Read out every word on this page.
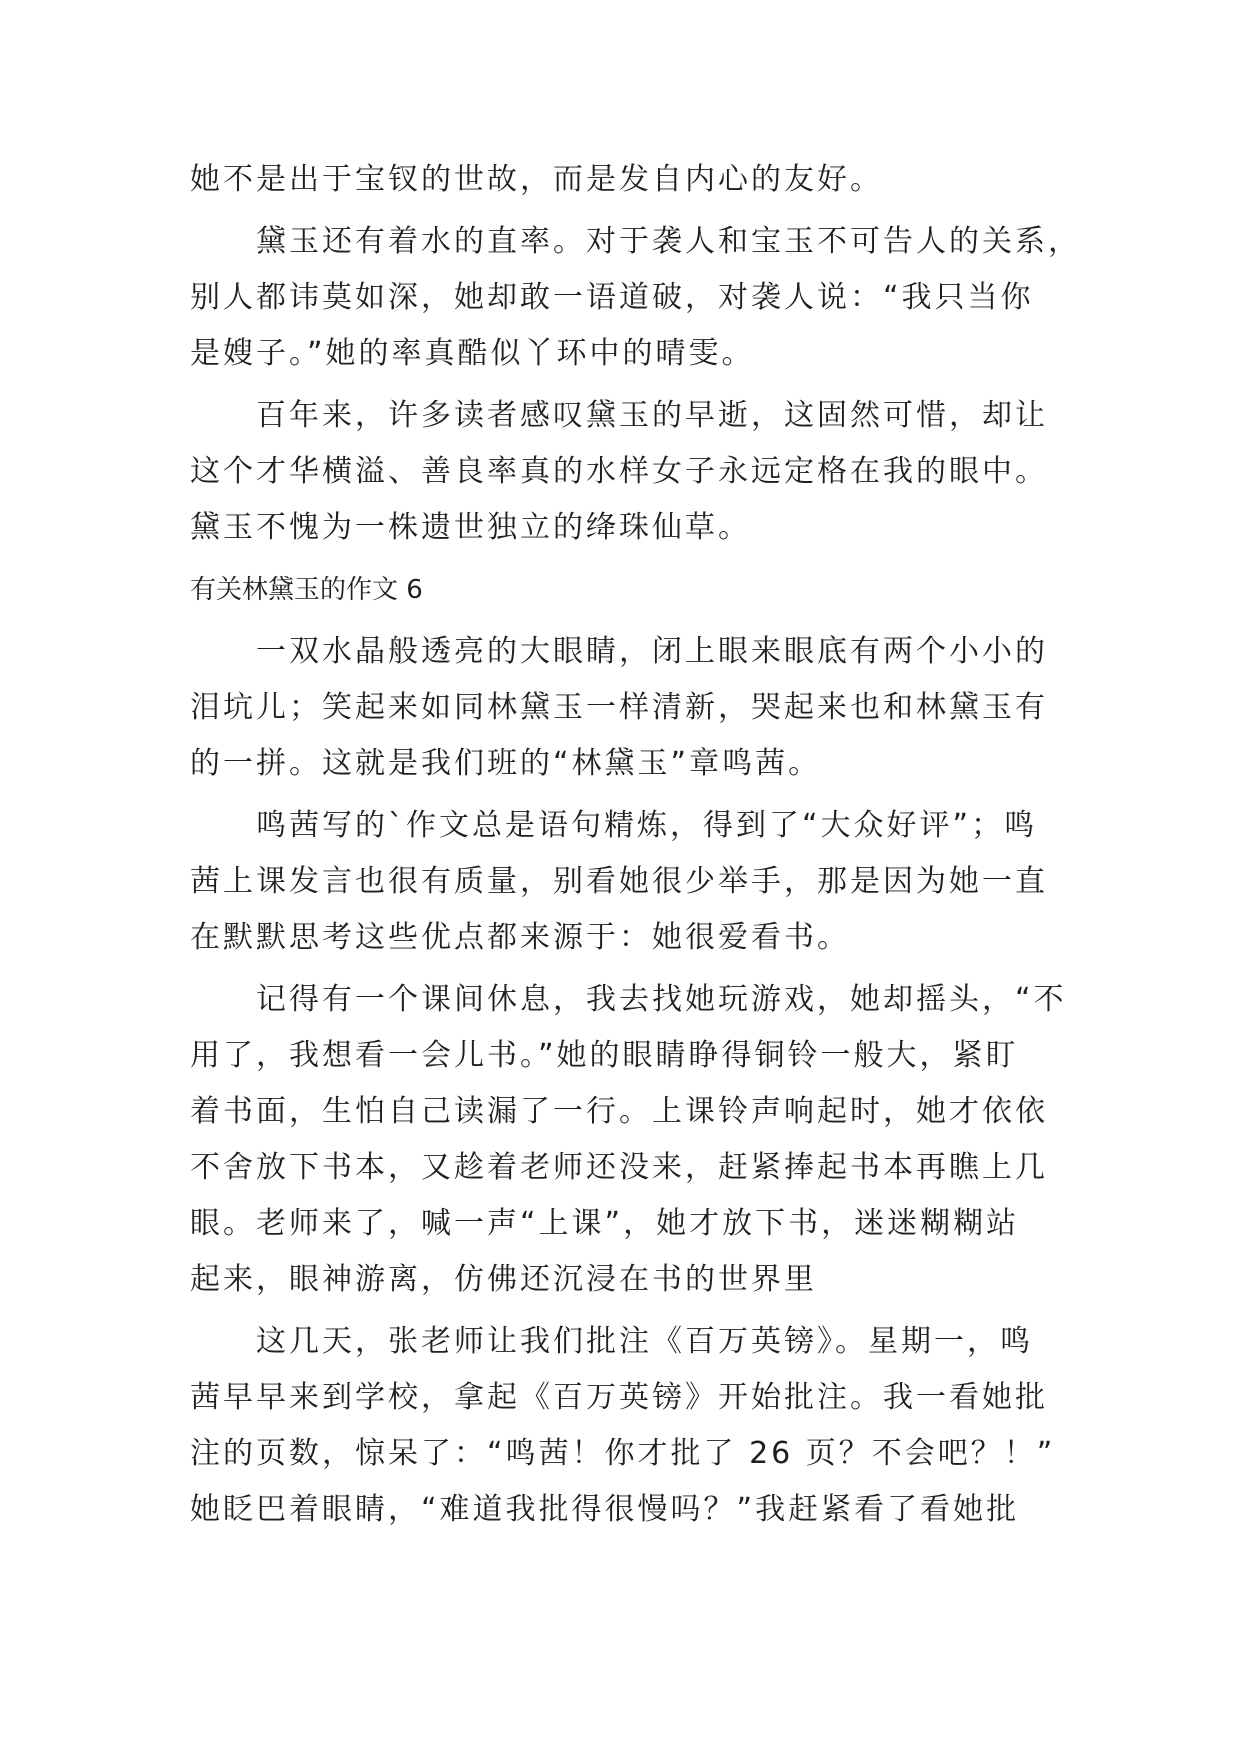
她不是出于宝钗的世故，而是发自内心的友好。
黛玉还有着水的直率。对于袭人和宝玉不可告人的关系，
别人都讳莫如深，她却敢一语道破，对袭人说：“我只当你
是嫂子。”她的率真酷似丫环中的晴雯。
百年来，许多读者感叹黛玉的早逝，这固然可惜，却让
这个才华横溢、善良率真的水样女子永远定格在我的眼中。
黛玉不愧为一株遗世独立的绛珠仙草。
有关林黛玉的作文 6
一双水晶般透亮的大眼睛，闭上眼来眼底有两个小小的
泪坑儿；笑起来如同林黛玉一样清新，哭起来也和林黛玉有
的一拼。这就是我们班的“林黛玉”章鸣茜。
鸣茜写的`作文总是语句精炼，得到了“大众好评”；鸣
茜上课发言也很有质量，别看她很少举手，那是因为她一直
在默默思考这些优点都来源于：她很爱看书。
记得有一个课间休息，我去找她玩游戏，她却摇头，“不
用了，我想看一会儿书。”她的眼睛睁得铜铃一般大，紧盯
着书面，生怕自己读漏了一行。上课铃声响起时，她才依依
不舍放下书本，又趁着老师还没来，赶紧捧起书本再瞧上几
眼。老师来了，喊一声“上课”，她才放下书，迷迷糊糊站
起来，眼神游离，仿佛还沉浸在书的世界里
这几天，张老师让我们批注《百万英镑》。星期一，鸣
茜早早来到学校，拿起《百万英镑》开始批注。我一看她批
注的页数，惊呆了：“鸣茜！你才批了 26 页？不会吧？！”
她眨巴着眼睛，“难道我批得很慢吗？”我赶紧看了看她批
